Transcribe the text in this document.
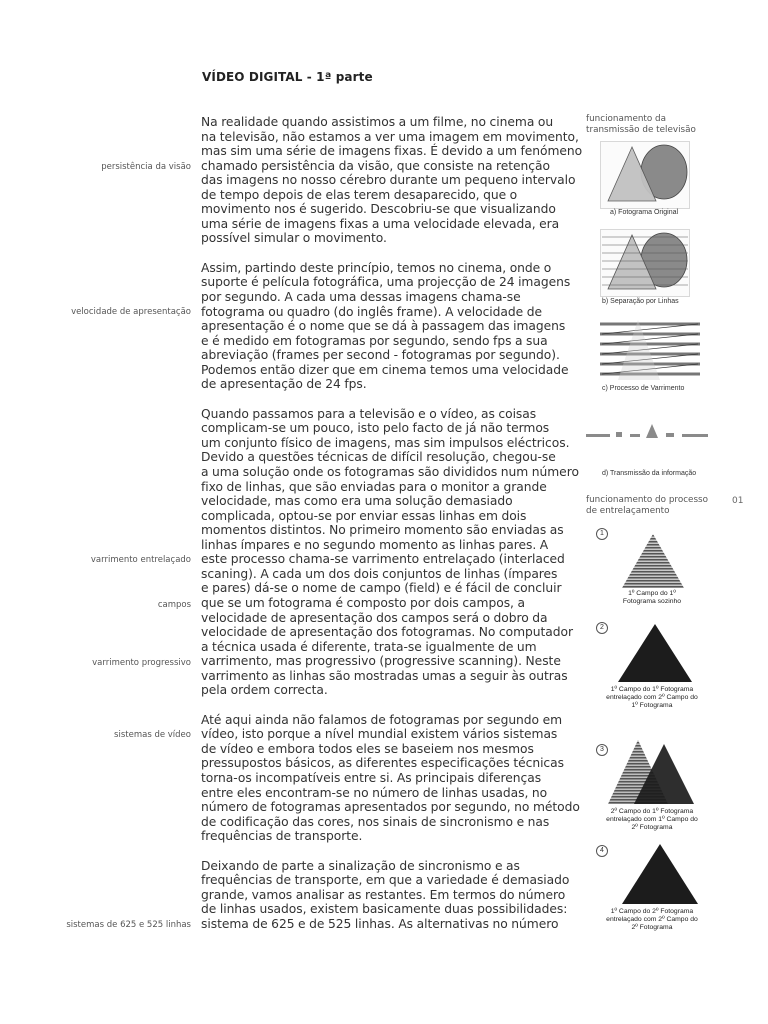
VÍDEO DIGITAL - 1ª parte

Na realidade quando assistimos a um filme, no cinema ou
na televisão, não estamos a ver uma imagem em movimento,
mas sim uma série de imagens fixas. É devido a um fenómeno
chamado persistência da visão, que consiste na retenção
das imagens no nosso cérebro durante um pequeno intervalo
de tempo depois de elas terem desaparecido, que o
movimento nos é sugerido. Descobriu-se que visualizando
uma série de imagens fixas a uma velocidade elevada, era
possível simular o movimento.

Assim, partindo deste princípio, temos no cinema, onde o
suporte é película fotográfica, uma projecção de 24 imagens
por segundo. A cada uma dessas imagens chama-se
fotograma ou quadro (do inglês frame). A velocidade de
apresentação é o nome que se dá à passagem das imagens
e é medido em fotogramas por segundo, sendo fps a sua
abreviação (frames per second - fotogramas por segundo).
Podemos então dizer que em cinema temos uma velocidade
de apresentação de 24 fps.

Quando passamos para a televisão e o vídeo, as coisas
complicam-se um pouco, isto pelo facto de já não termos
um conjunto físico de imagens, mas sim impulsos eléctricos.
Devido a questões técnicas de difícil resolução, chegou-se
a uma solução onde os fotogramas são divididos num número
fixo de linhas, que são enviadas para o monitor a grande
velocidade, mas como era uma solução demasiado
complicada, optou-se por enviar essas linhas em dois
momentos distintos. No primeiro momento são enviadas as
linhas ímpares e no segundo momento as linhas pares. A
este processo chama-se varrimento entrelaçado (interlaced
scaning). A cada um dos dois conjuntos de linhas (ímpares
e pares) dá-se o nome de campo (field) e é fácil de concluir
que se um fotograma é composto por dois campos, a
velocidade de apresentação dos campos será o dobro da
velocidade de apresentação dos fotogramas. No computador
a técnica usada é diferente, trata-se igualmente de um
varrimento, mas progressivo (progressive scanning). Neste
varrimento as linhas são mostradas umas a seguir às outras
pela ordem correcta.

Até aqui ainda não falamos de fotogramas por segundo em
vídeo, isto porque a nível mundial existem vários sistemas
de vídeo e embora todos eles se baseiem nos mesmos
pressupostos básicos, as diferentes especificações técnicas
torna-os incompatíveis entre si. As principais diferenças
entre eles encontram-se no número de linhas usadas, no
número de fotogramas apresentados por segundo, no método
de codificação das cores, nos sinais de sincronismo e nas
frequências de transporte.

Deixando de parte a sinalização de sincronismo e as
frequências de transporte, em que a variedade é demasiado
grande, vamos analisar as restantes. Em termos do número
de linhas usados, existem basicamente duas possibilidades:
sistema de 625 e de 525 linhas. As alternativas no número

persistência da visão
velocidade de apresentação
varrimento entrelaçado
campos
varrimento progressivo
sistemas de vídeo
sistemas de 625 e 525 linhas
funcionamento da
transmissão de televisão
a) Fotograma Original
b) Separação por Linhas
c) Processo de Varrimento
d) Transmissão da informação
funcionamento do processo
de entrelaçamento
01
1
1º Campo do 1º
Fotograma sozinho
2
1º Campo do 1º Fotograma
entrelaçado com 2º Campo do
1º Fotograma
3
2º Campo do 1º Fotograma
entrelaçado com 1º Campo do
2º Fotograma
4
1º Campo do 2º Fotograma
entrelaçado com 2º Campo do
2º Fotograma
